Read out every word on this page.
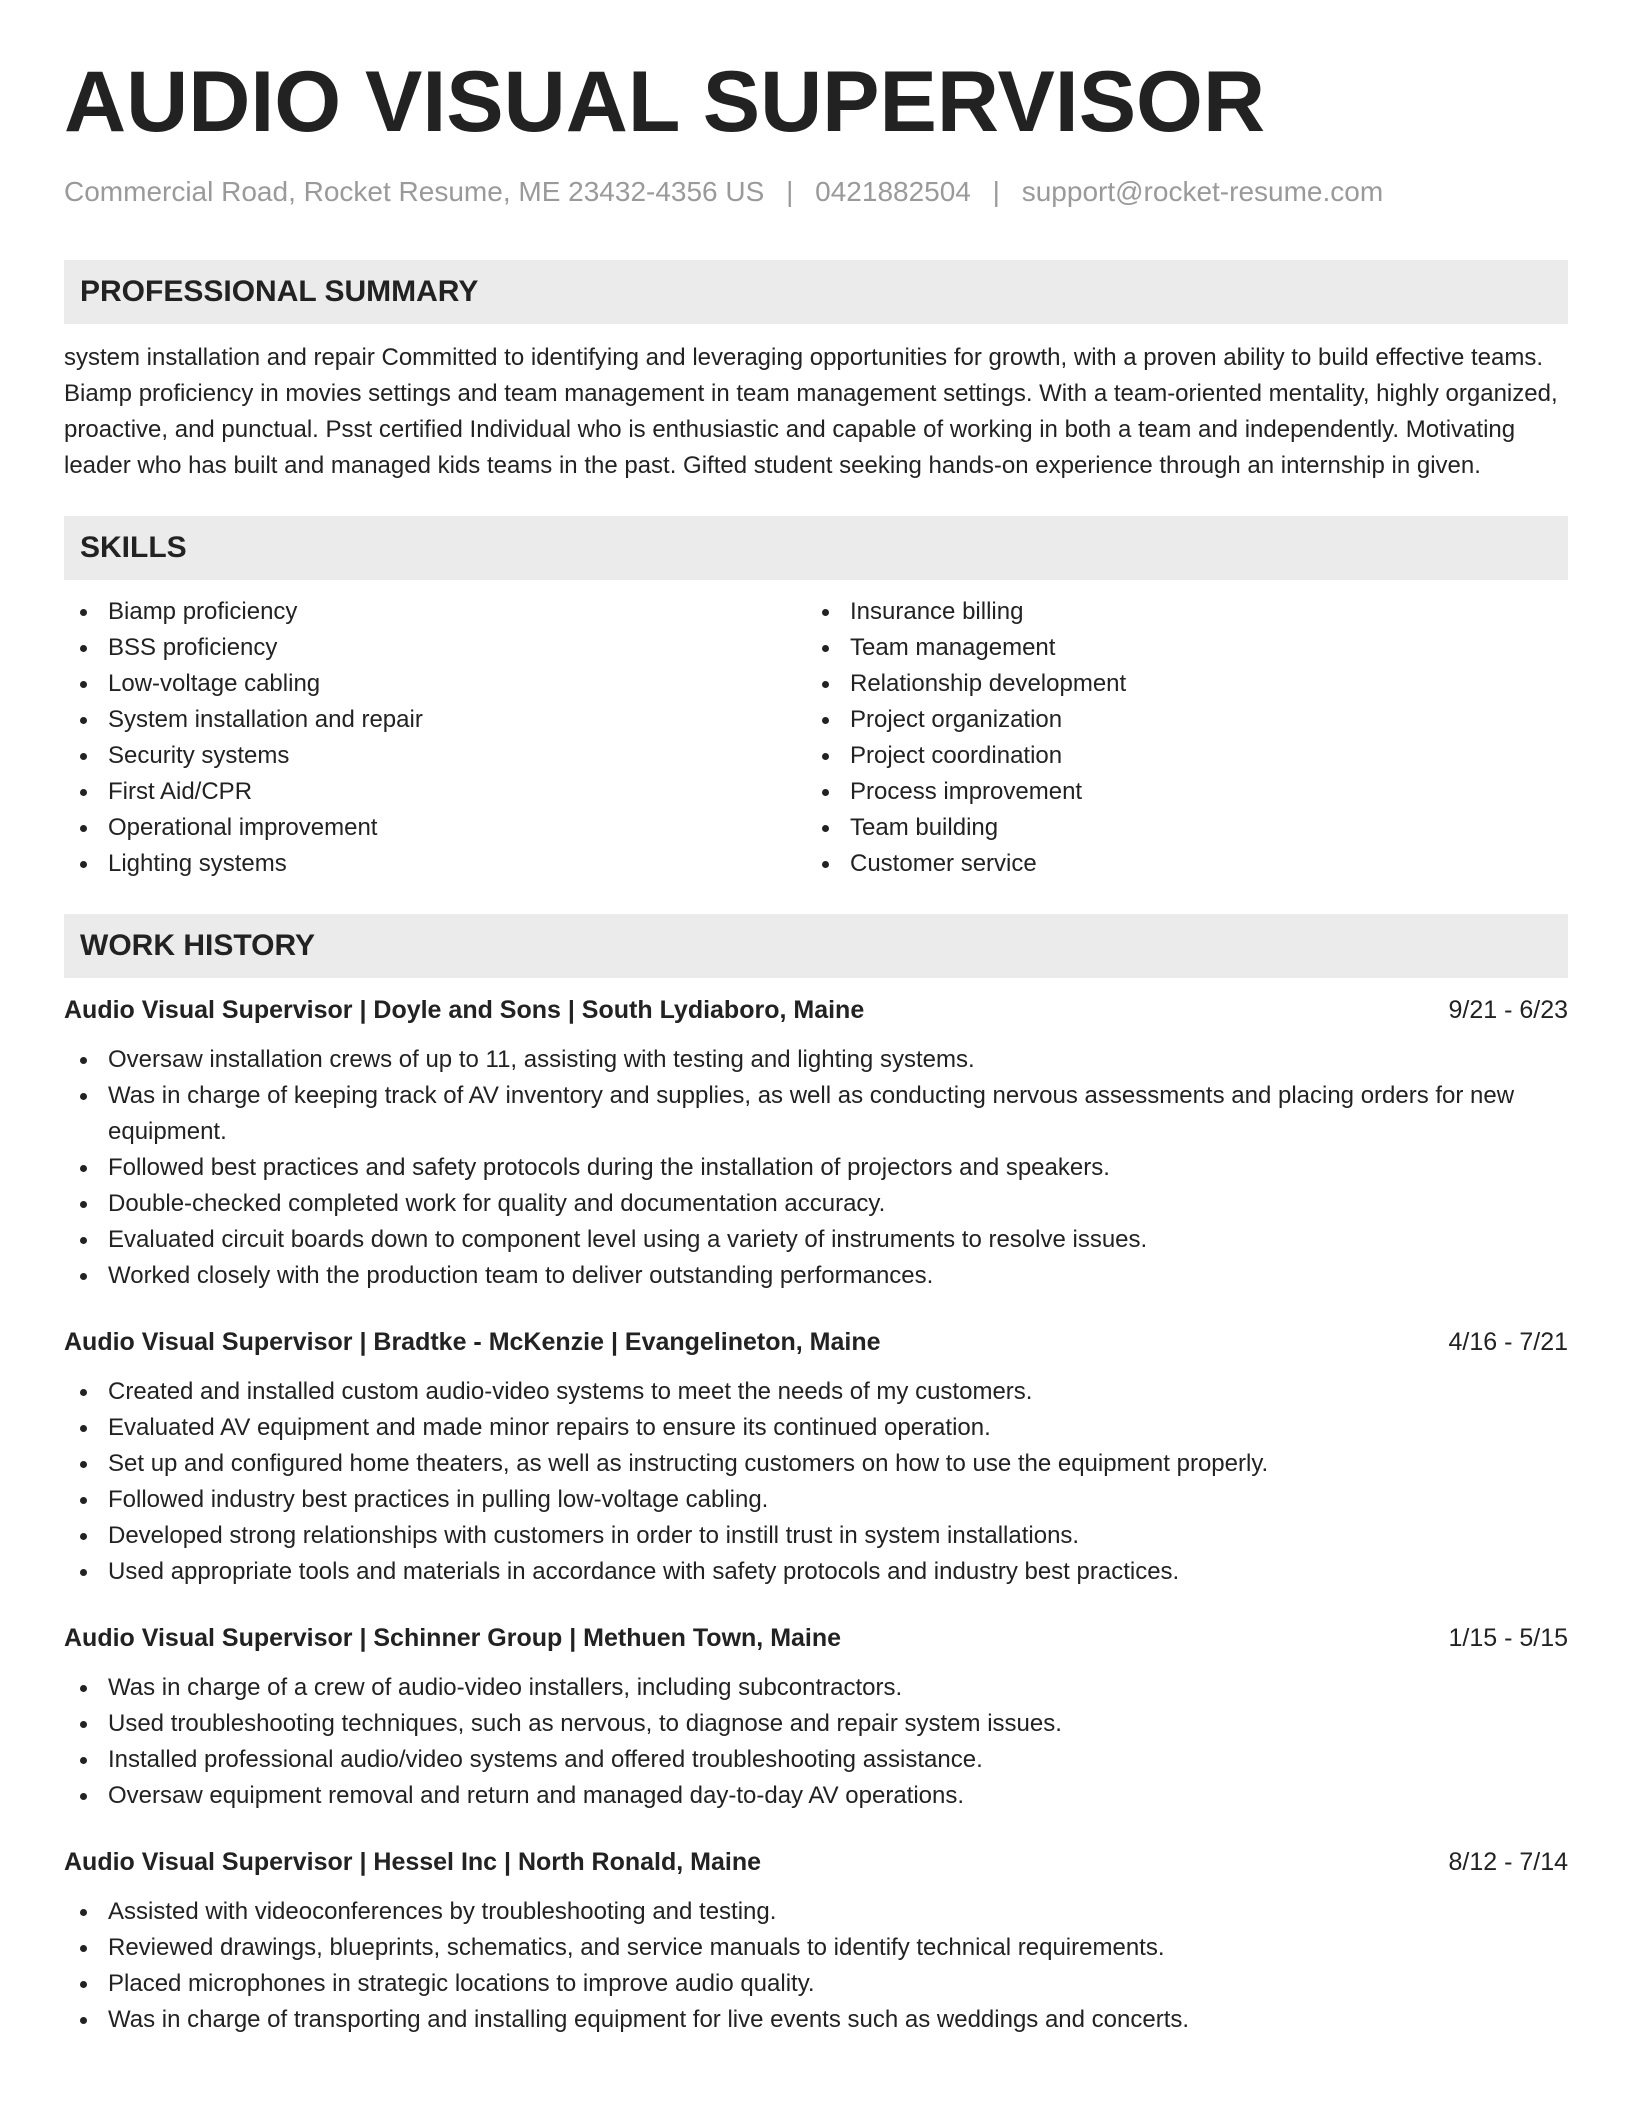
AUDIO VISUAL SUPERVISOR
Commercial Road, Rocket Resume, ME 23432-4356 US | 0421882504 | support@rocket-resume.com
PROFESSIONAL SUMMARY
system installation and repair Committed to identifying and leveraging opportunities for growth, with a proven ability to build effective teams. Biamp proficiency in movies settings and team management in team management settings. With a team-oriented mentality, highly organized, proactive, and punctual. Psst certified Individual who is enthusiastic and capable of working in both a team and independently. Motivating leader who has built and managed kids teams in the past. Gifted student seeking hands-on experience through an internship in given.
SKILLS
Biamp proficiency
BSS proficiency
Low-voltage cabling
System installation and repair
Security systems
First Aid/CPR
Operational improvement
Lighting systems
Insurance billing
Team management
Relationship development
Project organization
Project coordination
Process improvement
Team building
Customer service
WORK HISTORY
Audio Visual Supervisor | Doyle and Sons | South Lydiaboro, Maine	9/21 - 6/23
Oversaw installation crews of up to 11, assisting with testing and lighting systems.
Was in charge of keeping track of AV inventory and supplies, as well as conducting nervous assessments and placing orders for new equipment.
Followed best practices and safety protocols during the installation of projectors and speakers.
Double-checked completed work for quality and documentation accuracy.
Evaluated circuit boards down to component level using a variety of instruments to resolve issues.
Worked closely with the production team to deliver outstanding performances.
Audio Visual Supervisor | Bradtke - McKenzie | Evangelineton, Maine	4/16 - 7/21
Created and installed custom audio-video systems to meet the needs of my customers.
Evaluated AV equipment and made minor repairs to ensure its continued operation.
Set up and configured home theaters, as well as instructing customers on how to use the equipment properly.
Followed industry best practices in pulling low-voltage cabling.
Developed strong relationships with customers in order to instill trust in system installations.
Used appropriate tools and materials in accordance with safety protocols and industry best practices.
Audio Visual Supervisor | Schinner Group | Methuen Town, Maine	1/15 - 5/15
Was in charge of a crew of audio-video installers, including subcontractors.
Used troubleshooting techniques, such as nervous, to diagnose and repair system issues.
Installed professional audio/video systems and offered troubleshooting assistance.
Oversaw equipment removal and return and managed day-to-day AV operations.
Audio Visual Supervisor | Hessel Inc | North Ronald, Maine	8/12 - 7/14
Assisted with videoconferences by troubleshooting and testing.
Reviewed drawings, blueprints, schematics, and service manuals to identify technical requirements.
Placed microphones in strategic locations to improve audio quality.
Was in charge of transporting and installing equipment for live events such as weddings and concerts.
